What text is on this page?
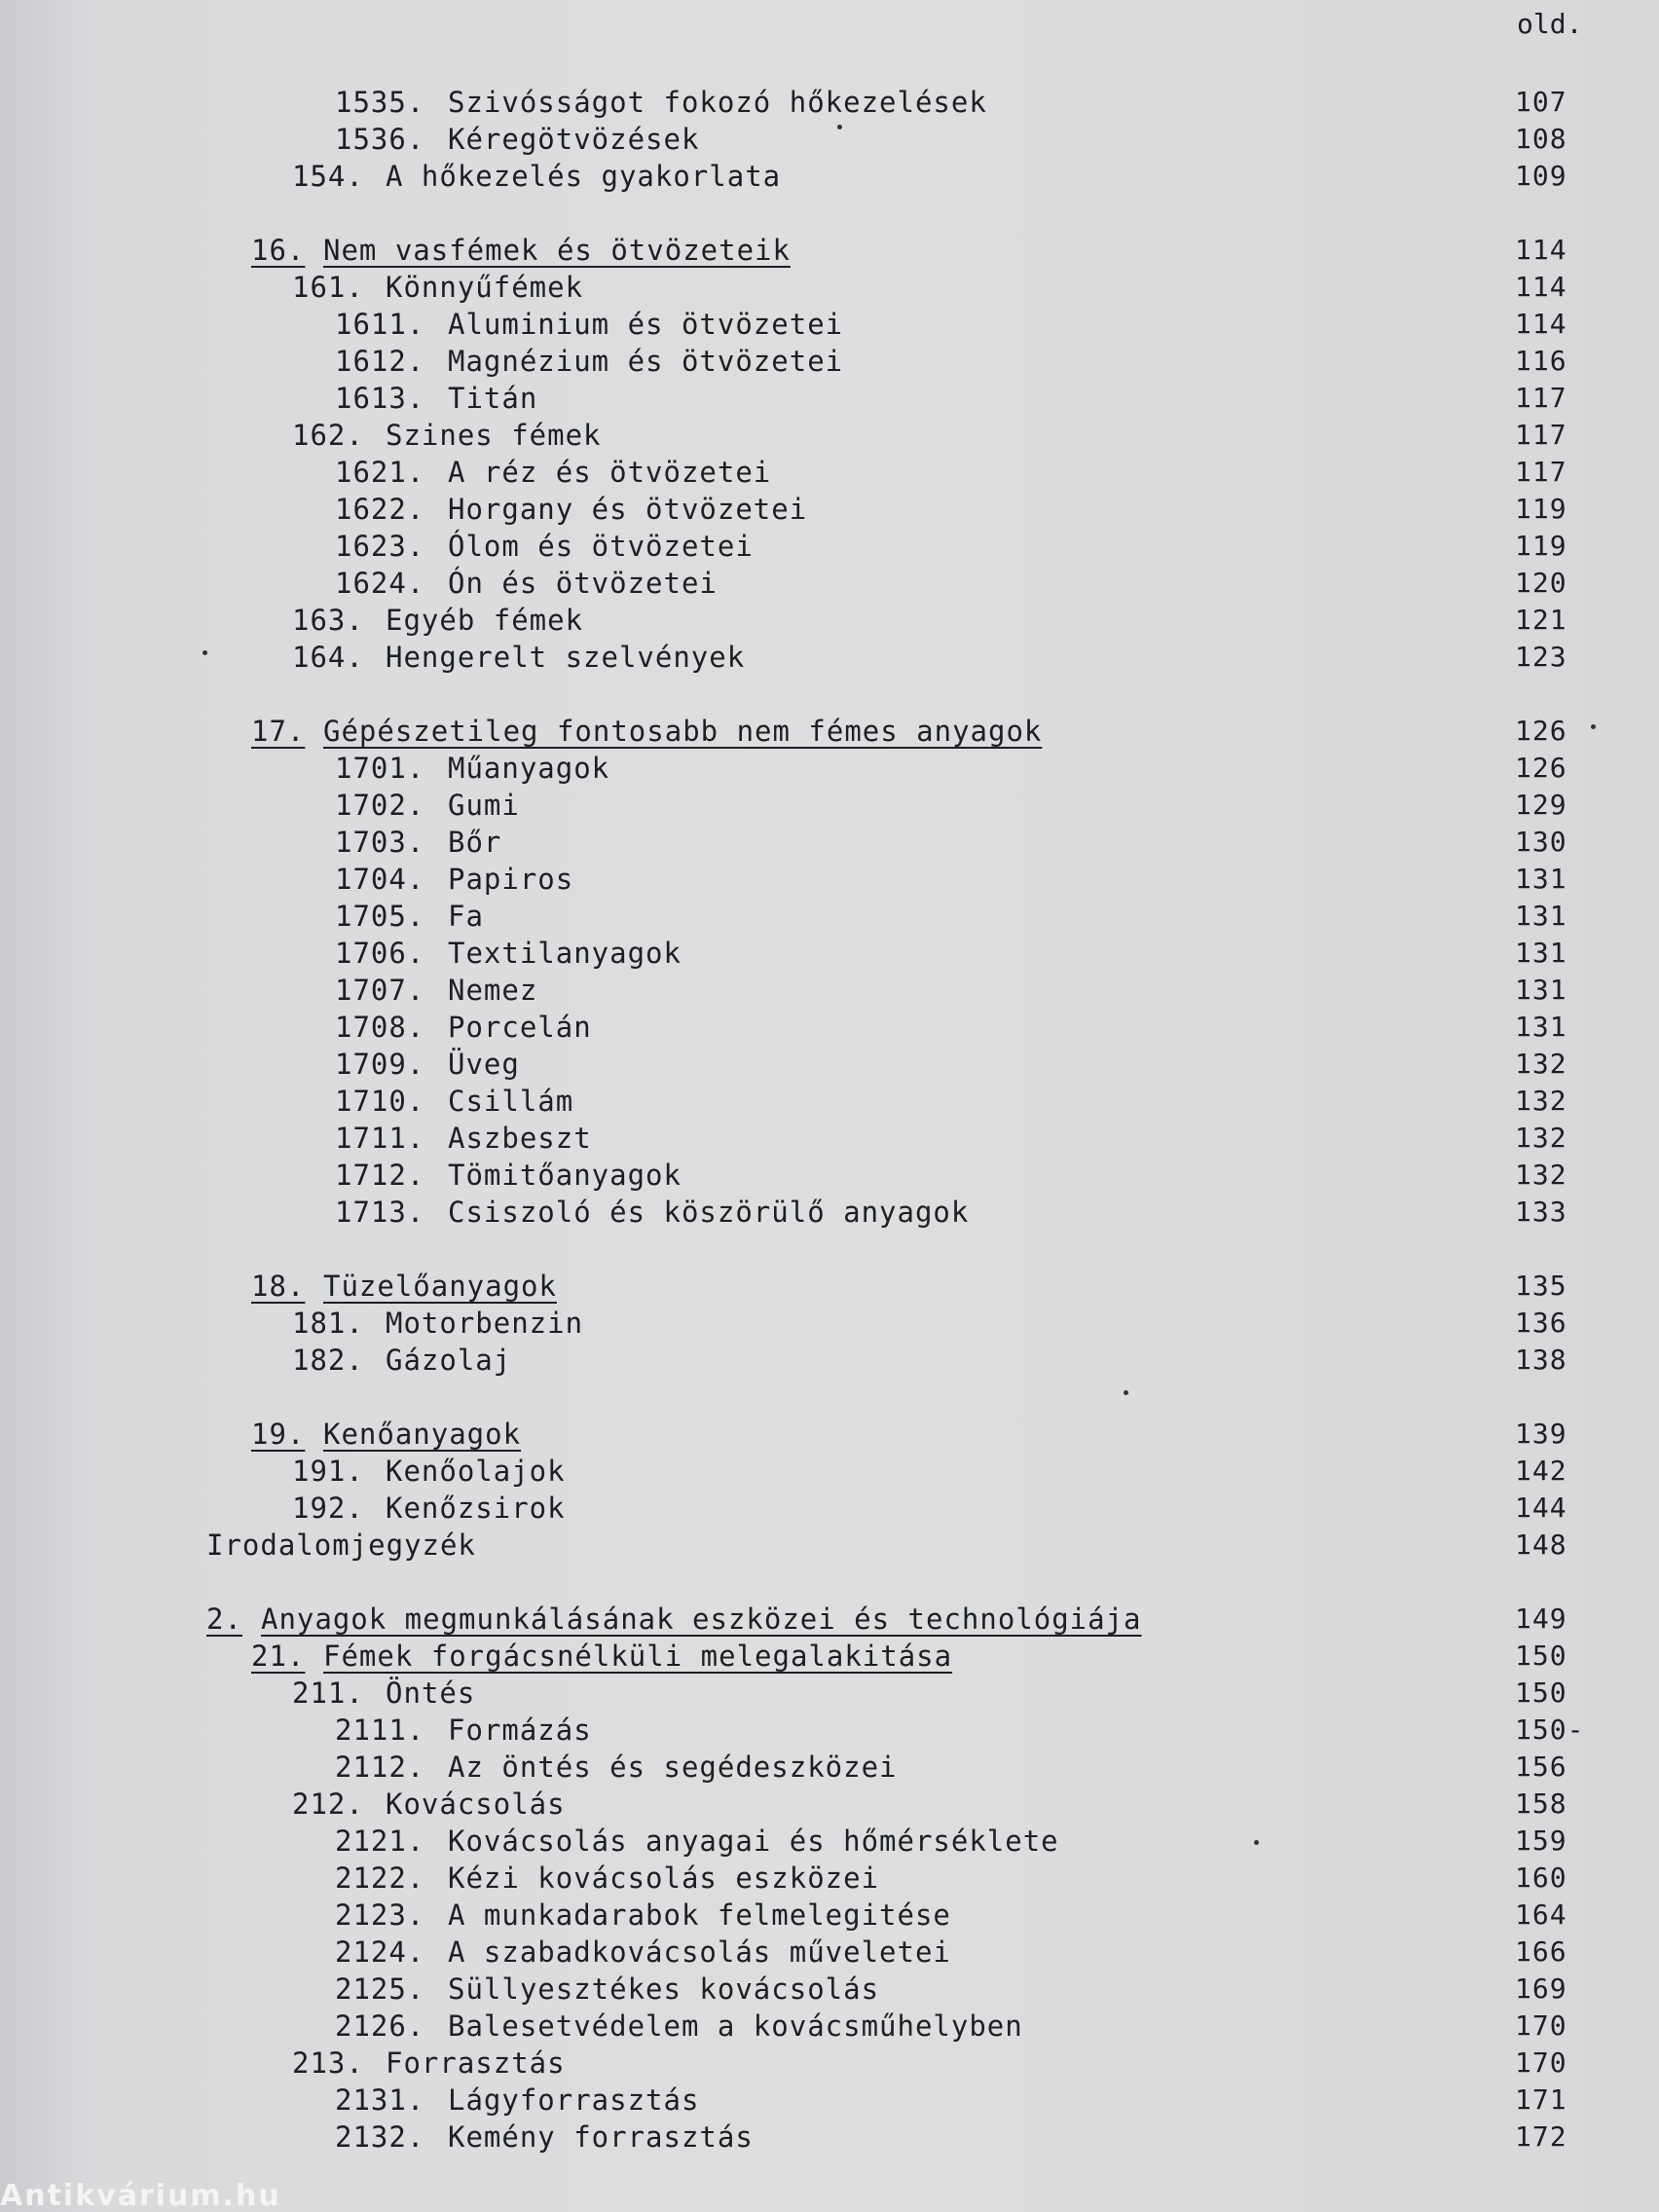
old.
1535. Szivósságot fokozó hőkezelések	107
1536. Kéregötvözések	108
154. A hőkezelés gyakorlata	109
16. Nem vasfémek és ötvözeteik	114
161. Könnyűfémek	114
1611. Aluminium és ötvözetei	114
1612. Magnézium és ötvözetei	116
1613. Titán	117
162. Szines fémek	117
1621. A réz és ötvözetei	117
1622. Horgany és ötvözetei	119
1623. Ólom és ötvözetei	119
1624. Ón és ötvözetei	120
163. Egyéb fémek	121
164. Hengerelt szelvények	123
17. Gépészetileg fontosabb nem fémes anyagok	126
1701. Műanyagok	126
1702. Gumi	129
1703. Bőr	130
1704. Papiros	131
1705. Fa	131
1706. Textilanyagok	131
1707. Nemez	131
1708. Porcelán	131
1709. Üveg	132
1710. Csillám	132
1711. Aszbeszt	132
1712. Tömitőanyagok	132
1713. Csiszoló és köszörülő anyagok	133
18. Tüzelőanyagok	135
181. Motorbenzin	136
182. Gázolaj	138
19. Kenőanyagok	139
191. Kenőolajok	142
192. Kenőzsirok	144
Irodalomjegyzék	148
2. Anyagok megmunkálásának eszközei és technológiája	149
21. Fémek forgácsnélküli melegalakitása	150
211. Öntés	150
2111. Formázás	150-
2112. Az öntés és segédeszközei	156
212. Kovácsolás	158
2121. Kovácsolás anyagai és hőmérséklete	159
2122. Kézi kovácsolás eszközei	160
2123. A munkadarabok felmelegitése	164
2124. A szabadkovácsolás műveletei	166
2125. Süllyesztékes kovácsolás	169
2126. Balesetvédelem a kovácsműhelyben	170
213. Forrasztás	170
2131. Lágyforrasztás	171
2132. Kemény forrasztás	172
Antikvárium.hu
